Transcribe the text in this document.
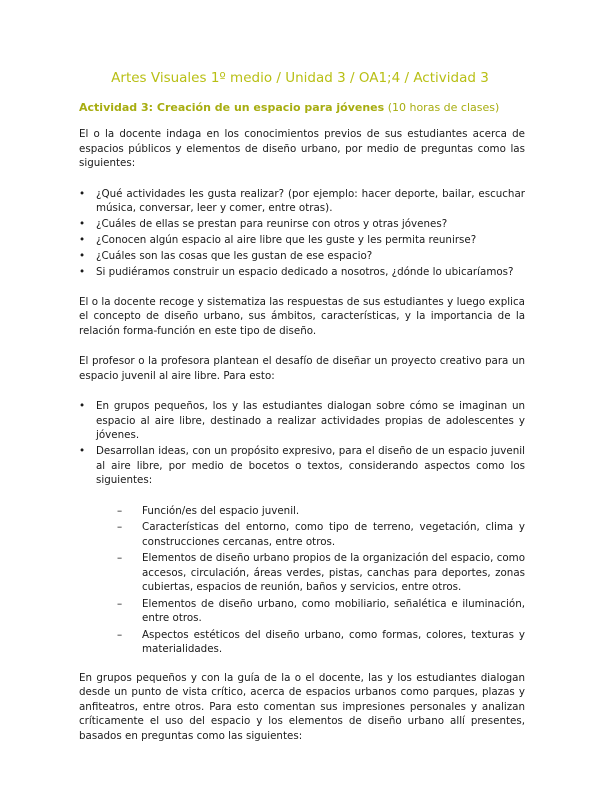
Artes Visuales 1º medio / Unidad 3 / OA1;4 / Actividad 3
Actividad 3: Creación de un espacio para jóvenes (10 horas de clases)

El o la docente indaga en los conocimientos previos de sus estudiantes acerca de espacios públicos y elementos de diseño urbano, por medio de preguntas como las siguientes:

• ¿Qué actividades les gusta realizar? (por ejemplo: hacer deporte, bailar, escuchar música, conversar, leer y comer, entre otras).
• ¿Cuáles de ellas se prestan para reunirse con otros y otras jóvenes?
• ¿Conocen algún espacio al aire libre que les guste y les permita reunirse?
• ¿Cuáles son las cosas que les gustan de ese espacio?
• Si pudiéramos construir un espacio dedicado a nosotros, ¿dónde lo ubicaríamos?

El o la docente recoge y sistematiza las respuestas de sus estudiantes y luego explica el concepto de diseño urbano, sus ámbitos, características, y la importancia de la relación forma-función en este tipo de diseño.

El profesor o la profesora plantean el desafío de diseñar un proyecto creativo para un espacio juvenil al aire libre. Para esto:

• En grupos pequeños, los y las estudiantes dialogan sobre cómo se imaginan un espacio al aire libre, destinado a realizar actividades propias de adolescentes y jóvenes.
• Desarrollan ideas, con un propósito expresivo, para el diseño de un espacio juvenil al aire libre, por medio de bocetos o textos, considerando aspectos como los siguientes:
– Función/es del espacio juvenil.
– Características del entorno, como tipo de terreno, vegetación, clima y construcciones cercanas, entre otros.
– Elementos de diseño urbano propios de la organización del espacio, como accesos, circulación, áreas verdes, pistas, canchas para deportes, zonas cubiertas, espacios de reunión, baños y servicios, entre otros.
– Elementos de diseño urbano, como mobiliario, señalética e iluminación, entre otros.
– Aspectos estéticos del diseño urbano, como formas, colores, texturas y materialidades.

En grupos pequeños y con la guía de la o el docente, las y los estudiantes dialogan desde un punto de vista crítico, acerca de espacios urbanos como parques, plazas y anfiteatros, entre otros. Para esto comentan sus impresiones personales y analizan críticamente el uso del espacio y los elementos de diseño urbano allí presentes, basados en preguntas como las siguientes:
